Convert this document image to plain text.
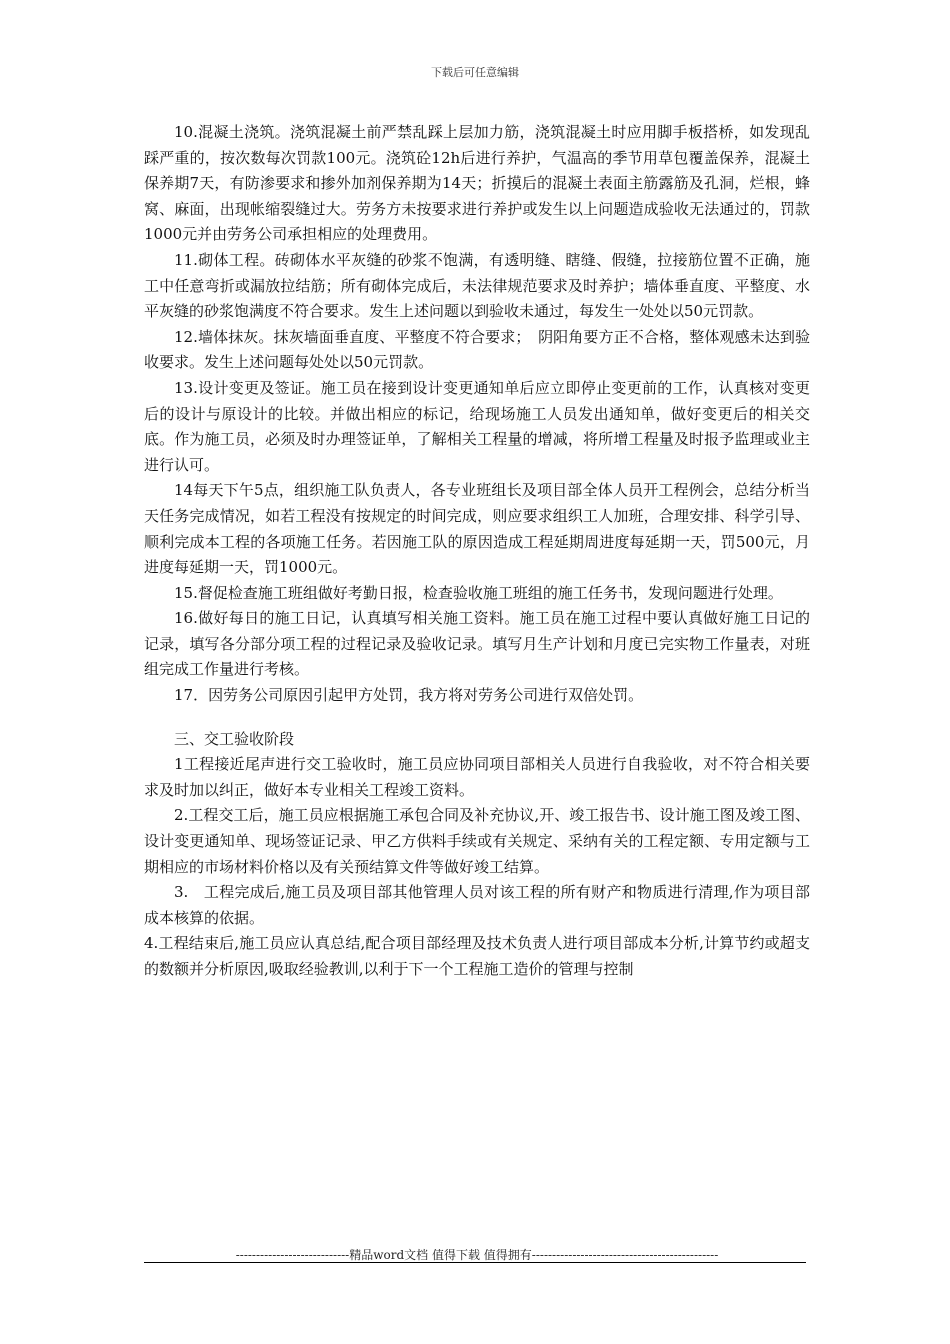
下载后可任意编辑

10.混凝土浇筑。浇筑混凝土前严禁乱踩上层加力筋，浇筑混凝土时应用脚手板搭桥，如发现乱踩严重的，按次数每次罚款100元。浇筑砼12h后进行养护，气温高的季节用草包覆盖保养，混凝土保养期7天，有防渗要求和掺外加剂保养期为14天；折摸后的混凝土表面主筋露筋及孔洞，烂根，蜂窝、麻面，出现帐缩裂缝过大。劳务方未按要求进行养护或发生以上问题造成验收无法通过的，罚款1000元并由劳务公司承担相应的处理费用。

11.砌体工程。砖砌体水平灰缝的砂浆不饱满，有透明缝、瞎缝、假缝，拉接筋位置不正确，施工中任意弯折或漏放拉结筋；所有砌体完成后，未法律规范要求及时养护；墙体垂直度、平整度、水平灰缝的砂浆饱满度不符合要求。发生上述问题以到验收未通过，每发生一处处以50元罚款。

12.墙体抹灰。抹灰墙面垂直度、平整度不符合要求；　阴阳角要方正不合格，整体观感未达到验收要求。发生上述问题每处处以50元罚款。

13.设计变更及签证。施工员在接到设计变更通知单后应立即停止变更前的工作，认真核对变更后的设计与原设计的比较。并做出相应的标记，给现场施工人员发出通知单，做好变更后的相关交底。作为施工员，必须及时办理签证单，了解相关工程量的增减，将所增工程量及时报予监理或业主进行认可。

14每天下午5点，组织施工队负责人，各专业班组长及项目部全体人员开工程例会，总结分析当天任务完成情况，如若工程没有按规定的时间完成，则应要求组织工人加班，合理安排、科学引导、顺利完成本工程的各项施工任务。若因施工队的原因造成工程延期周进度每延期一天，罚500元，月进度每延期一天，罚1000元。

15.督促检查施工班组做好考勤日报，检查验收施工班组的施工任务书，发现问题进行处理。

16.做好每日的施工日记，认真填写相关施工资料。施工员在施工过程中要认真做好施工日记的记录，填写各分部分项工程的过程记录及验收记录。填写月生产计划和月度已完实物工作量表，对班组完成工作量进行考核。

17．因劳务公司原因引起甲方处罚，我方将对劳务公司进行双倍处罚。

三、交工验收阶段

1工程接近尾声进行交工验收时，施工员应协同项目部相关人员进行自我验收，对不符合相关要求及时加以纠正，做好本专业相关工程竣工资料。

2.工程交工后，施工员应根据施工承包合同及补充协议,开、竣工报告书、设计施工图及竣工图、设计变更通知单、现场签证记录、甲乙方供料手续或有关规定、采纳有关的工程定额、专用定额与工期相应的市场材料价格以及有关预结算文件等做好竣工结算。

3.　工程完成后,施工员及项目部其他管理人员对该工程的所有财产和物质进行清理,作为项目部成本核算的依据。

4.工程结束后,施工员应认真总结,配合项目部经理及技术负责人进行项目部成本分析,计算节约或超支的数额并分析原因,吸取经验教训,以利于下一个工程施工造价的管理与控制

----------------------------精品word文档 值得下载 值得拥有----------------------------------------------
